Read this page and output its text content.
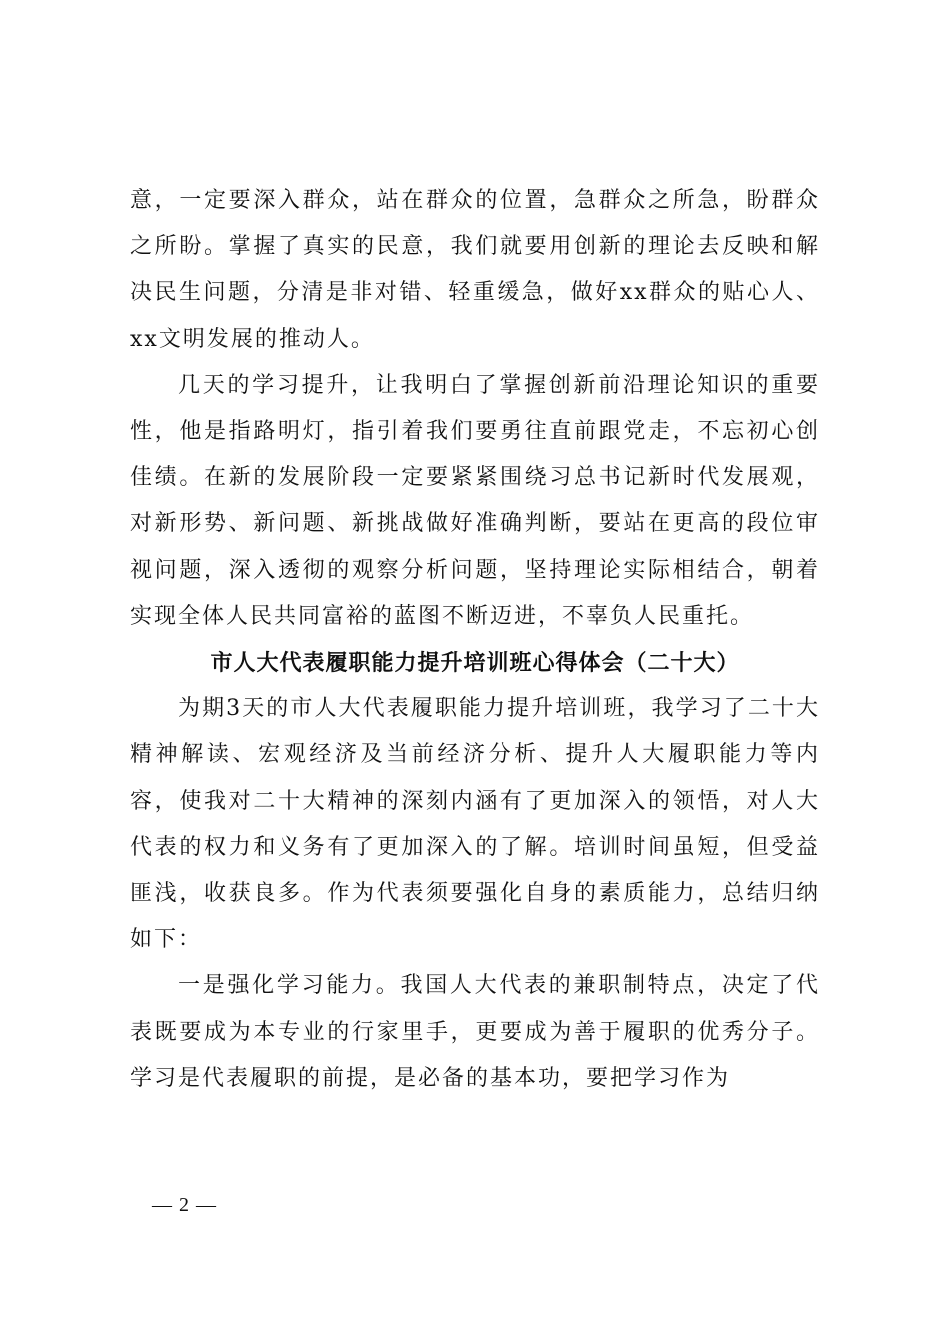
意，一定要深入群众，站在群众的位置，急群众之所急，盼群众之所盼。掌握了真实的民意，我们就要用创新的理论去反映和解决民生问题，分清是非对错、轻重缓急，做好xx群众的贴心人、xx文明发展的推动人。

几天的学习提升，让我明白了掌握创新前沿理论知识的重要性，他是指路明灯，指引着我们要勇往直前跟党走，不忘初心创佳绩。在新的发展阶段一定要紧紧围绕习总书记新时代发展观，对新形势、新问题、新挑战做好准确判断，要站在更高的段位审视问题，深入透彻的观察分析问题，坚持理论实际相结合，朝着实现全体人民共同富裕的蓝图不断迈进，不辜负人民重托。

市人大代表履职能力提升培训班心得体会（二十大）

为期3天的市人大代表履职能力提升培训班，我学习了二十大精神解读、宏观经济及当前经济分析、提升人大履职能力等内容，使我对二十大精神的深刻内涵有了更加深入的领悟，对人大代表的权力和义务有了更加深入的了解。培训时间虽短，但受益匪浅，收获良多。作为代表须要强化自身的素质能力，总结归纳如下：

一是强化学习能力。我国人大代表的兼职制特点，决定了代表既要成为本专业的行家里手，更要成为善于履职的优秀分子。学习是代表履职的前提，是必备的基本功，要把学习作为

— 2 —
